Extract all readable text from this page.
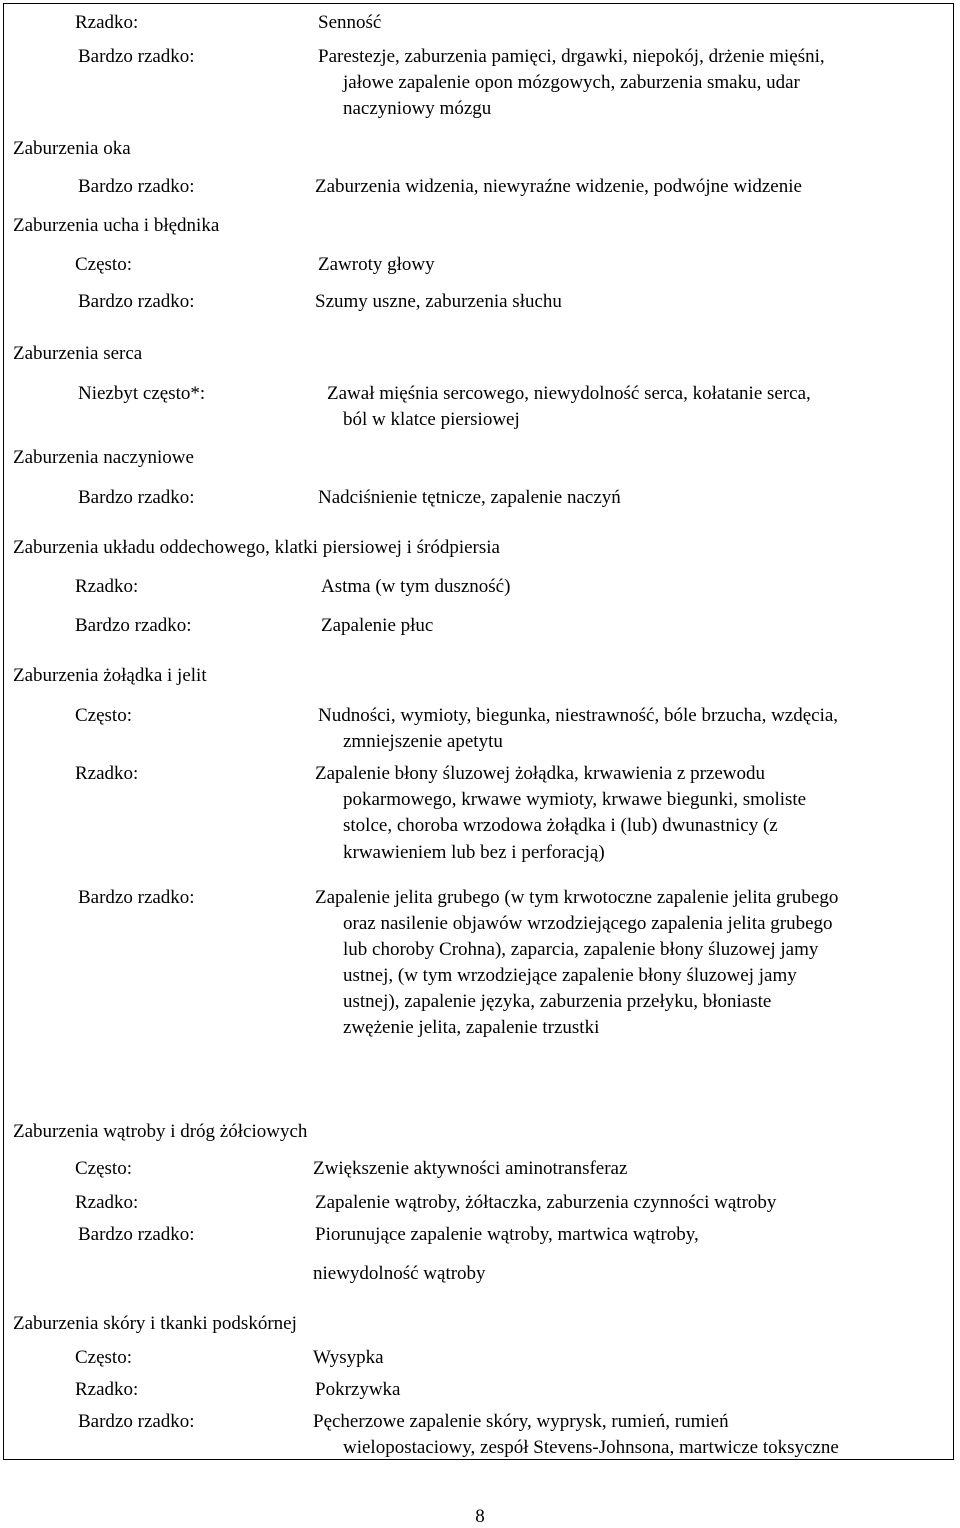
Rzadko:	Senność
Bardzo rzadko:	Parestezje, zaburzenia pamięci, drgawki, niepokój, drżenie mięśni,
jałowe zapalenie opon mózgowych, zaburzenia smaku, udar
naczyniowy mózgu
Zaburzenia oka
Bardzo rzadko:	Zaburzenia widzenia, niewyraźne widzenie, podwójne widzenie
Zaburzenia ucha i błędnika
Często:	Zawroty głowy
Bardzo rzadko:	Szumy uszne, zaburzenia słuchu
Zaburzenia serca
Niezbyt często*:	Zawał mięśnia sercowego, niewydolność serca, kołatanie serca,
ból w klatce piersiowej
Zaburzenia naczyniowe
Bardzo rzadko:	Nadciśnienie tętnicze, zapalenie naczyń
Zaburzenia układu oddechowego, klatki piersiowej i śródpiersia
Rzadko:	Astma (w tym duszność)
Bardzo rzadko:	Zapalenie płuc
Zaburzenia żołądka i jelit
Często:	Nudności, wymioty, biegunka, niestrawność, bóle brzucha, wzdęcia,
zmniejszenie apetytu
Rzadko:	Zapalenie błony śluzowej żołądka, krwawienia z przewodu
pokarmowego, krwawe wymioty, krwawe biegunki, smoliste
stolce, choroba wrzodowa żołądka i (lub) dwunastnicy (z
krwawieniem lub bez i perforacją)
Bardzo rzadko:	Zapalenie jelita grubego (w tym krwotoczne zapalenie jelita grubego
oraz nasilenie objawów wrzodziejącego zapalenia jelita grubego
lub choroby Crohna), zaparcia, zapalenie błony śluzowej jamy
ustnej, (w tym wrzodziejące zapalenie błony śluzowej jamy
ustnej), zapalenie języka, zaburzenia przełyku, błoniaste
zwężenie jelita, zapalenie trzustki
Zaburzenia wątroby i dróg żółciowych
Często:	Zwiększenie aktywności aminotransferaz
Rzadko:	Zapalenie wątroby, żółtaczka, zaburzenia czynności wątroby
Bardzo rzadko:	Piorunujące zapalenie wątroby, martwica wątroby,
niewydolność wątroby
Zaburzenia skóry i tkanki podskórnej
Często:	Wysypka
Rzadko:	Pokrzywka
Bardzo rzadko:	Pęcherzowe zapalenie skóry, wyprysk, rumień, rumień
wielopostaciowy, zespół Stevens-Johnsona, martwicze toksyczne
8
